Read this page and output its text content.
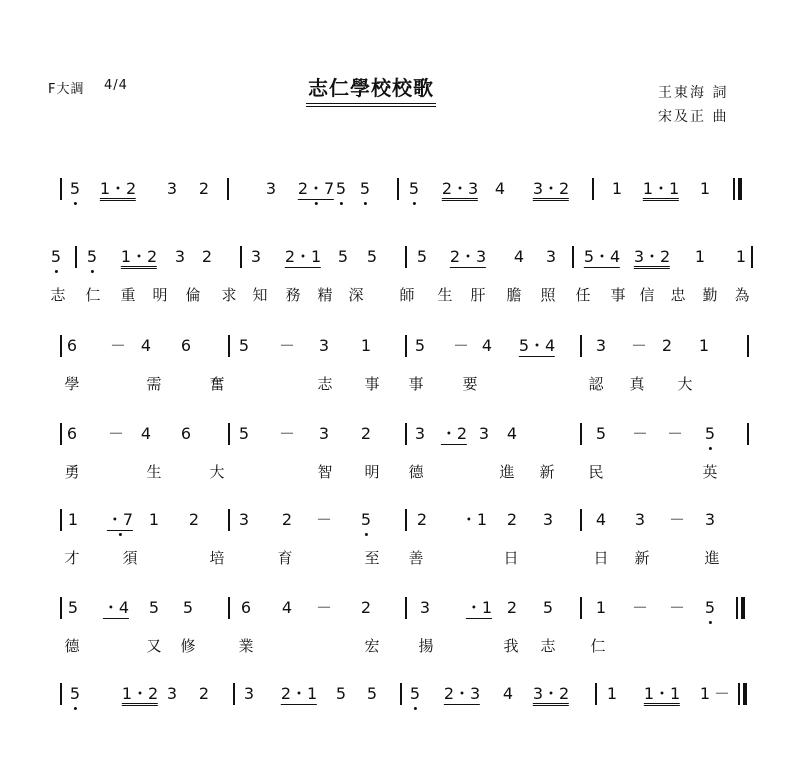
F大調 4/4	志仁學校校歌	王東海 詞
宋及正 曲
5 1・2 3 2	3 2・7 5 5 5 2・3 4 3・2	1 1・1 1
5 5 1・2 3 2 3 2・1 5 5 5 2・3 4 3 5・4 3・2 1 1
志 仁 重 明 倫 求 知 務 精 深 師 生 肝 膽 照 任 事 信 忠 勤 為
6 － 4 6	5 － 3 1	5 － 4 5・4	3 － 2 1
學	需	奮	志 事 事	要	認 真 大
6 － 4 6	5 － 3 2	3 ・2 3 4	5 － － 5
勇	生	大	智 明 德	進 新 民	英
1 ・7 1 2 3 2 － 5	2 ・1 2 3	4 3 － 3
才	須	培	育	至 善	日	日 新	進
5 ・4 5 5	6 4 － 2	3 ・1 2 5	1 － － 5
德	又 修	業	宏	揚	我 志 仁
5	1・2 3 2 3 2・1 5 5 5 2・3 4 3・2 1 1・1 1 －
